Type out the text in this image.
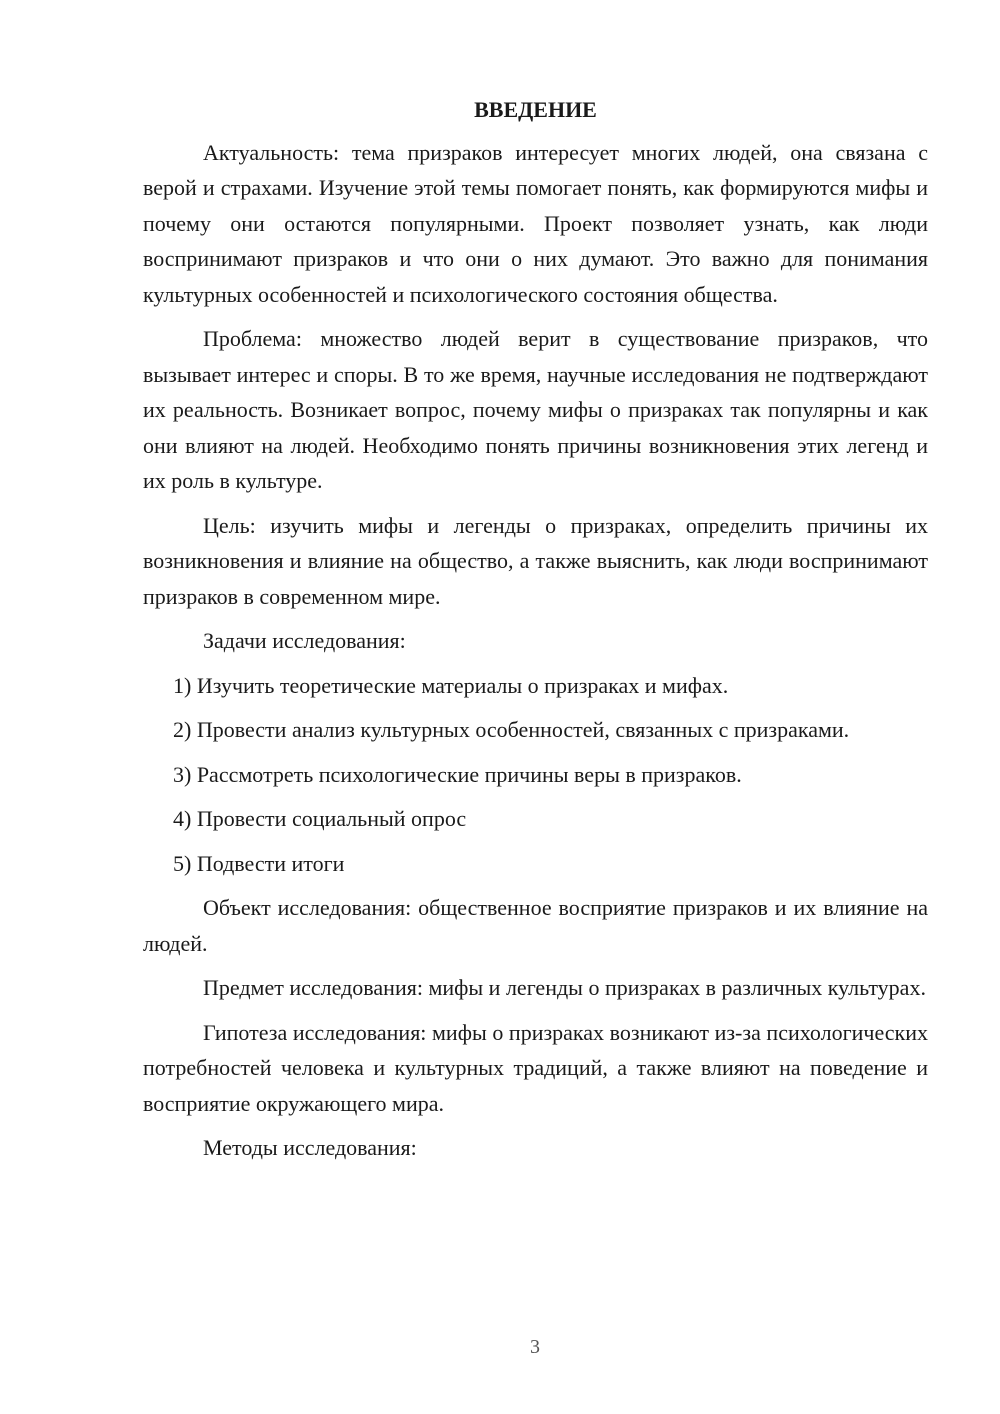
ВВЕДЕНИЕ

Актуальность: тема призраков интересует многих людей, она связана с верой и страхами. Изучение этой темы помогает понять, как формируются мифы и почему они остаются популярными. Проект позволяет узнать, как люди воспринимают призраков и что они о них думают. Это важно для понимания культурных особенностей и психологического состояния общества.

Проблема: множество людей верит в существование призраков, что вызывает интерес и споры. В то же время, научные исследования не подтверждают их реальность. Возникает вопрос, почему мифы о призраках так популярны и как они влияют на людей. Необходимо понять причины возникновения этих легенд и их роль в культуре.

Цель: изучить мифы и легенды о призраках, определить причины их возникновения и влияние на общество, а также выяснить, как люди воспринимают призраков в современном мире.

Задачи исследования:

1) Изучить теоретические материалы о призраках и мифах.

2) Провести анализ культурных особенностей, связанных с призраками.

3) Рассмотреть психологические причины веры в призраков.

4) Провести социальный опрос

5) Подвести итоги

Объект исследования: общественное восприятие призраков и их влияние на людей.

Предмет исследования: мифы и легенды о призраках в различных культурах.

Гипотеза исследования: мифы о призраках возникают из-за психологических потребностей человека и культурных традиций, а также влияют на поведение и восприятие окружающего мира.

Методы исследования:

3
